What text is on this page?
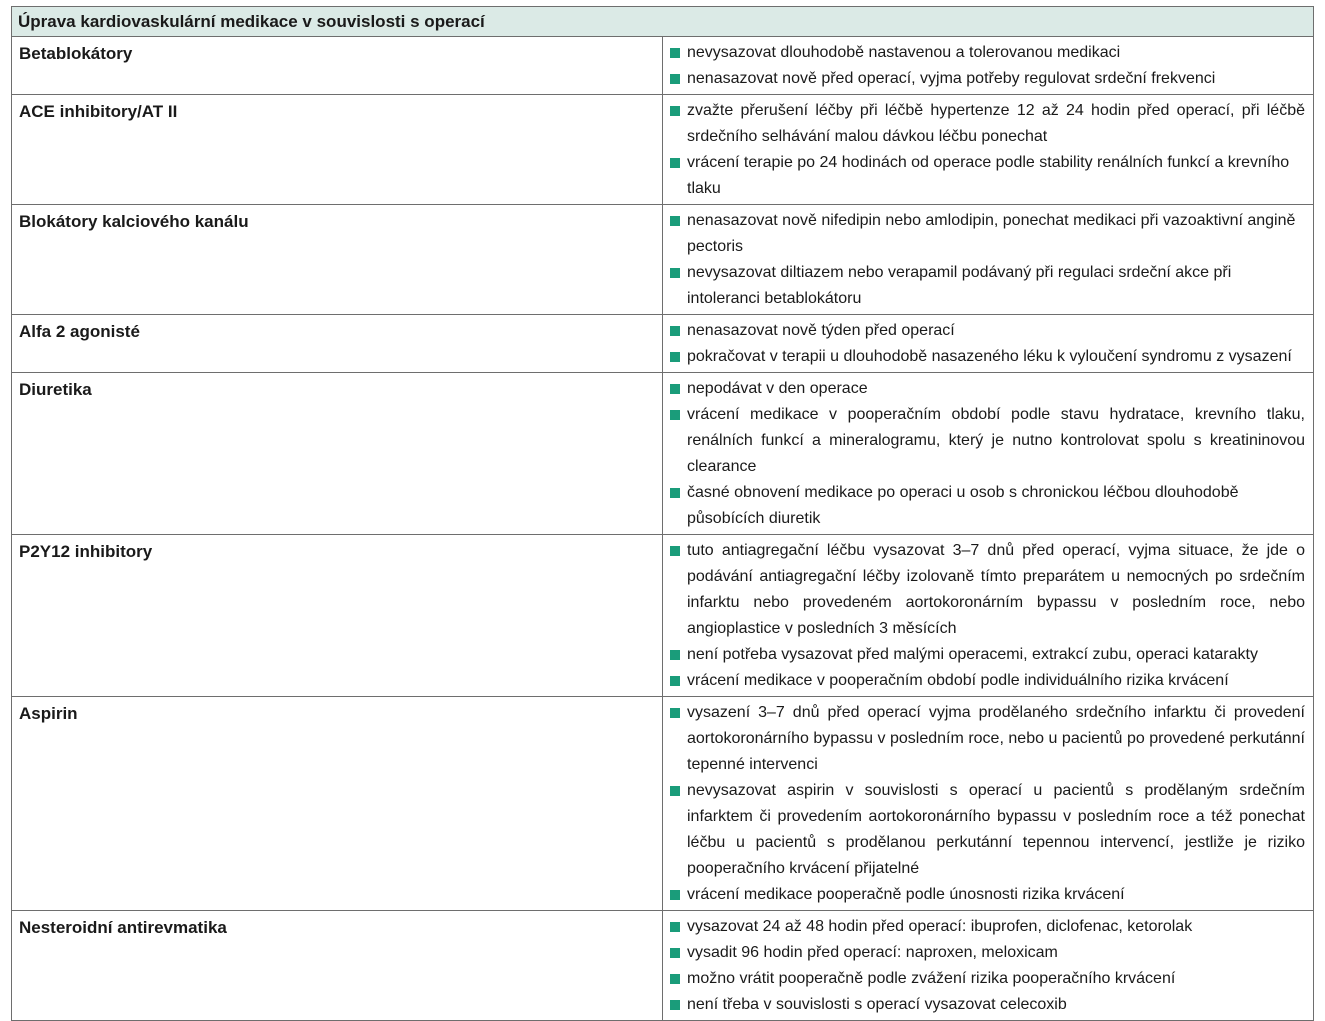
Úprava kardiovaskulární medikace v souvislosti s operací	
Betablokátory	nevysazovat dlouhodobě nastavenou a tolerovanou medikaci
nenasazovat nově před operací, vyjma potřeby regulovat srdeční frekvenci

ACE inhibitory/AT II	zvažte přerušení léčby při léčbě hypertenze 12 až 24 hodin před operací, při léčbě srdečního selhávání malou dávkou léčbu ponechat
vrácení terapie po 24 hodinách od operace podle stability renálních funkcí a krevního tlaku

Blokátory kalciového kanálu	nenasazovat nově nifedipin nebo amlodipin, ponechat medikaci při vazoaktivní angině pectoris
nevysazovat diltiazem nebo verapamil podávaný při regulaci srdeční akce při intoleranci betablokátoru

Alfa 2 agonisté	nenasazovat nově týden před operací
pokračovat v terapii u dlouhodobě nasazeného léku k vyloučení syndromu z vysazení

Diuretika	nepodávat v den operace
vrácení medikace v pooperačním období podle stavu hydratace, krevního tlaku, renálních funkcí a mineralogramu, který je nutno kontrolovat spolu s kreatininovou clearance
časné obnovení medikace po operaci u osob s chronickou léčbou dlouhodobě působících diuretik

P2Y12 inhibitory	tuto antiagregační léčbu vysazovat 3–7 dnů před operací, vyjma situace, že jde o podávání antiagregační léčby izolovaně tímto preparátem u nemocných po srdečním infarktu nebo provedeném aortokoronárním bypassu v posledním roce, nebo angioplastice v posledních 3 měsících
není potřeba vysazovat před malými operacemi, extrakcí zubu, operaci katarakty
vrácení medikace v pooperačním období podle individuálního rizika krvácení

Aspirin	vysazení 3–7 dnů před operací vyjma prodělaného srdečního infarktu či provedení aortokoronárního bypassu v posledním roce, nebo u pacientů po provedené perkutánní tepenné intervenci
nevysazovat aspirin v souvislosti s operací u pacientů s prodělaným srdečním infarktem či provedením aortokoronárního bypassu v posledním roce a též ponechat léčbu u pacientů s prodělanou perkutánní tepennou intervencí, jestliže je riziko pooperačního krvácení přijatelné
vrácení medikace pooperačně podle únosnosti rizika krvácení

Nesteroidní antirevmatika	vysazovat 24 až 48 hodin před operací: ibuprofen, diclofenac, ketorolak
vysadit 96 hodin před operací: naproxen, meloxicam
možno vrátit pooperačně podle zvážení rizika pooperačního krvácení
není třeba v souvislosti s operací vysazovat celecoxib
